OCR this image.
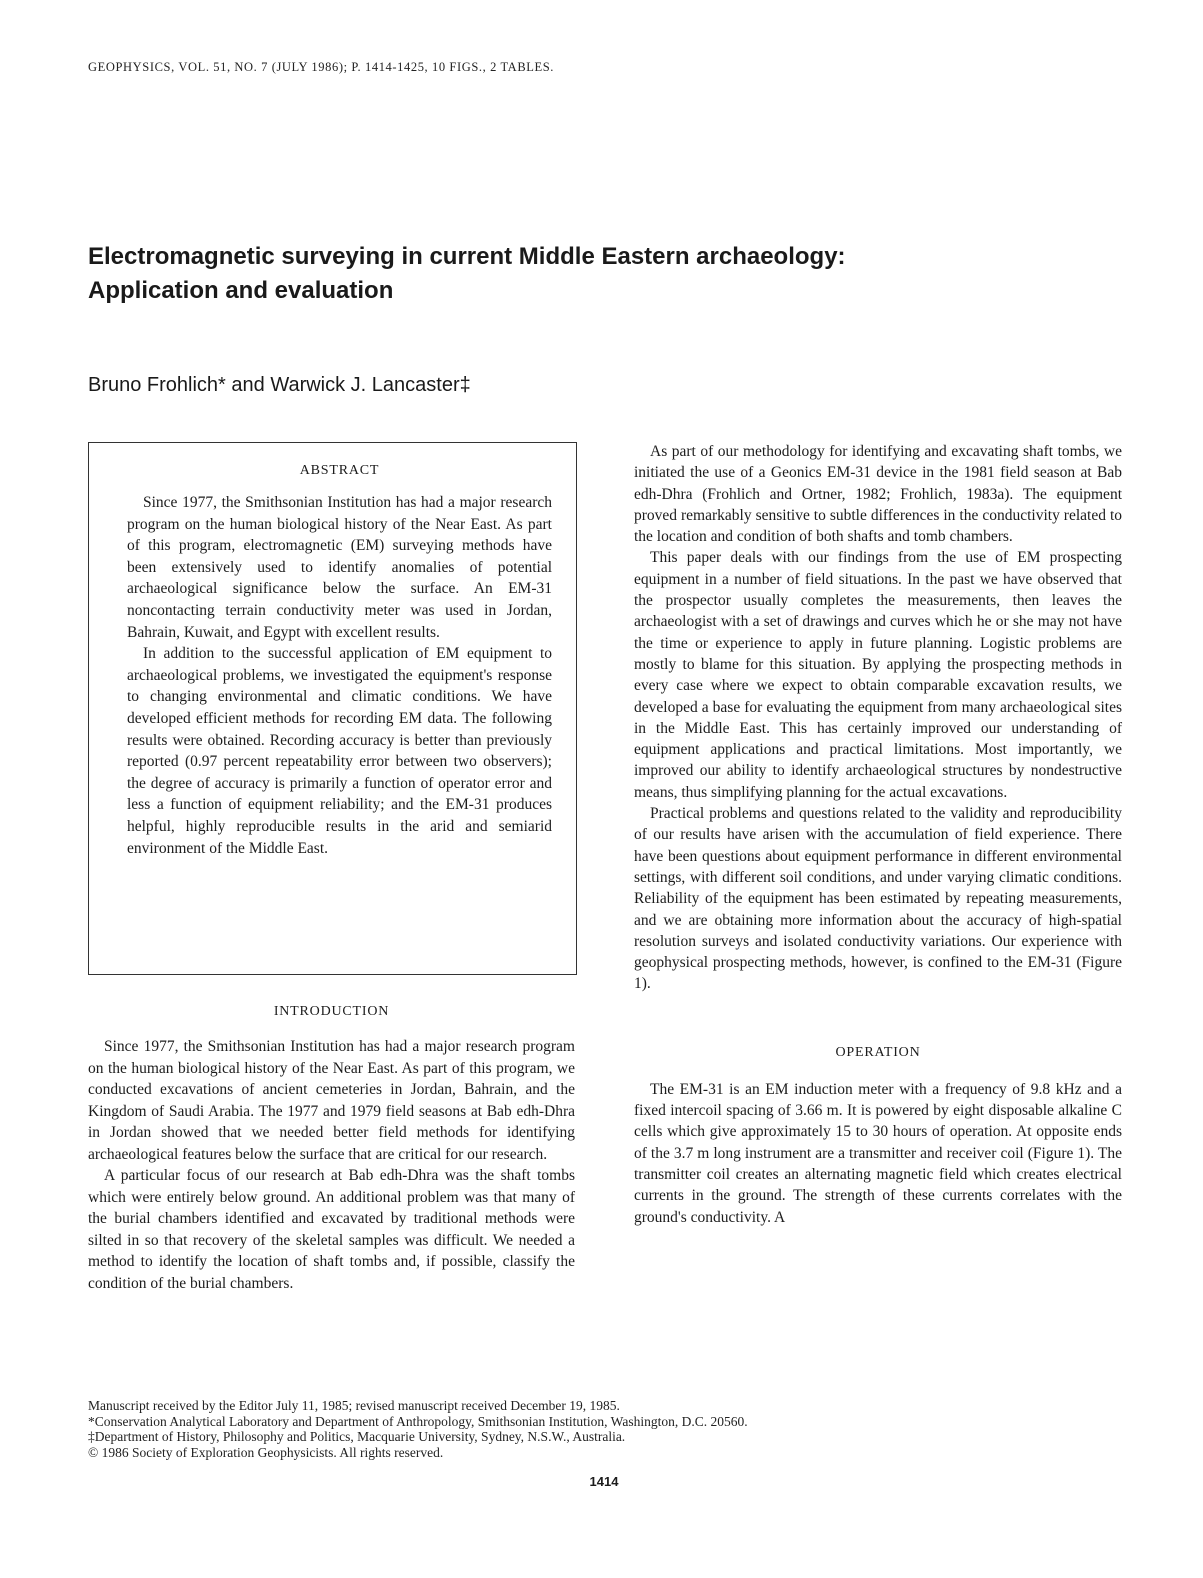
GEOPHYSICS, VOL. 51, NO. 7 (JULY 1986); P. 1414-1425, 10 FIGS., 2 TABLES.
Electromagnetic surveying in current Middle Eastern archaeology:
Application and evaluation
Bruno Frohlich* and Warwick J. Lancaster‡
ABSTRACT

Since 1977, the Smithsonian Institution has had a major research program on the human biological history of the Near East. As part of this program, electromagnetic (EM) surveying methods have been extensively used to identify anomalies of potential archaeological significance below the surface. An EM-31 noncontacting terrain conductivity meter was used in Jordan, Bahrain, Kuwait, and Egypt with excellent results.

In addition to the successful application of EM equipment to archaeological problems, we investigated the equipment's response to changing environmental and climatic conditions. We have developed efficient methods for recording EM data. The following results were obtained. Recording accuracy is better than previously reported (0.97 percent repeatability error between two observers); the degree of accuracy is primarily a function of operator error and less a function of equipment reliability; and the EM-31 produces helpful, highly reproducible results in the arid and semiarid environment of the Middle East.

INTRODUCTION

Since 1977, the Smithsonian Institution has had a major research program on the human biological history of the Near East. As part of this program, we conducted excavations of ancient cemeteries in Jordan, Bahrain, and the Kingdom of Saudi Arabia. The 1977 and 1979 field seasons at Bab edh-Dhra in Jordan showed that we needed better field methods for identifying archaeological features below the surface that are critical for our research.

A particular focus of our research at Bab edh-Dhra was the shaft tombs which were entirely below ground. An additional problem was that many of the burial chambers identified and excavated by traditional methods were silted in so that recovery of the skeletal samples was difficult. We needed a method to identify the location of shaft tombs and, if possible, classify the condition of the burial chambers.

As part of our methodology for identifying and excavating shaft tombs, we initiated the use of a Geonics EM-31 device in the 1981 field season at Bab edh-Dhra (Frohlich and Ortner, 1982; Frohlich, 1983a). The equipment proved remarkably sensitive to subtle differences in the conductivity related to the location and condition of both shafts and tomb chambers.

This paper deals with our findings from the use of EM prospecting equipment in a number of field situations. In the past we have observed that the prospector usually completes the measurements, then leaves the archaeologist with a set of drawings and curves which he or she may not have the time or experience to apply in future planning. Logistic problems are mostly to blame for this situation. By applying the prospecting methods in every case where we expect to obtain comparable excavation results, we developed a base for evaluating the equipment from many archaeological sites in the Middle East. This has certainly improved our understanding of equipment applications and practical limitations. Most importantly, we improved our ability to identify archaeological structures by nondestructive means, thus simplifying planning for the actual excavations.

Practical problems and questions related to the validity and reproducibility of our results have arisen with the accumulation of field experience. There have been questions about equipment performance in different environmental settings, with different soil conditions, and under varying climatic conditions. Reliability of the equipment has been estimated by repeating measurements, and we are obtaining more information about the accuracy of high-spatial resolution surveys and isolated conductivity variations. Our experience with geophysical prospecting methods, however, is confined to the EM-31 (Figure 1).

OPERATION

The EM-31 is an EM induction meter with a frequency of 9.8 kHz and a fixed intercoil spacing of 3.66 m. It is powered by eight disposable alkaline C cells which give approximately 15 to 30 hours of operation. At opposite ends of the 3.7 m long instrument are a transmitter and receiver coil (Figure 1). The transmitter coil creates an alternating magnetic field which creates electrical currents in the ground. The strength of these currents correlates with the ground's conductivity. A

Manuscript received by the Editor July 11, 1985; revised manuscript received December 19, 1985.
*Conservation Analytical Laboratory and Department of Anthropology, Smithsonian Institution, Washington, D.C. 20560.
‡Department of History, Philosophy and Politics, Macquarie University, Sydney, N.S.W., Australia.
© 1986 Society of Exploration Geophysicists. All rights reserved.
1414
